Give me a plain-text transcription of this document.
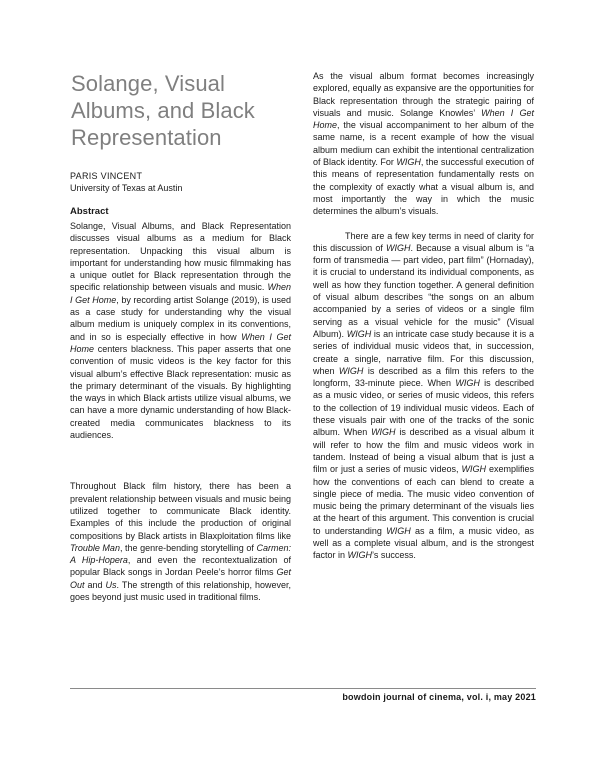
Solange, Visual
Albums, and Black
Representation

PARIS VINCENT

University of Texas at Austin

Abstract

Solange, Visual Albums, and Black Representation discusses visual albums as a medium for Black representation. Unpacking this visual album is important for understanding how music filmmaking has a unique outlet for Black representation through the specific relationship between visuals and music. When I Get Home, by recording artist Solange (2019), is used as a case study for understanding why the visual album medium is uniquely complex in its conventions, and in so is especially effective in how When I Get Home centers blackness. This paper asserts that one convention of music videos is the key factor for this visual album’s effective Black representation: music as the primary determinant of the visuals. By highlighting the ways in which Black artists utilize visual albums, we can have a more dynamic understanding of how Black-created media communicates blackness to its audiences.

Throughout Black film history, there has been a prevalent relationship between visuals and music being utilized together to communicate Black identity. Examples of this include the production of original compositions by Black artists in Blaxploitation films like Trouble Man, the genre-bending storytelling of Carmen: A Hip-Hopera, and even the recontextualization of popular Black songs in Jordan Peele’s horror films Get Out and Us. The strength of this relationship, however, goes beyond just music used in traditional films.

As the visual album format becomes increasingly explored, equally as expansive are the opportunities for Black representation through the strategic pairing of visuals and music. Solange Knowles’ When I Get Home, the visual accompaniment to her album of the same name, is a recent example of how the visual album medium can exhibit the intentional centralization of Black identity. For WIGH, the successful execution of this means of representation fundamentally rests on the complexity of exactly what a visual album is, and most importantly the way in which the music determines the album’s visuals.

There are a few key terms in need of clarity for this discussion of WIGH. Because a visual album is “a form of transmedia — part video, part film” (Hornaday), it is crucial to understand its individual components, as well as how they function together. A general definition of visual album describes “the songs on an album accompanied by a series of videos or a single film serving as a visual vehicle for the music” (Visual Album). WIGH is an intricate case study because it is a series of individual music videos that, in succession, create a single, narrative film. For this discussion, when WIGH is described as a film this refers to the longform, 33-minute piece. When WIGH is described as a music video, or series of music videos, this refers to the collection of 19 individual music videos. Each of these visuals pair with one of the tracks of the sonic album. When WIGH is described as a visual album it will refer to how the film and music videos work in tandem. Instead of being a visual album that is just a film or just a series of music videos, WIGH exemplifies how the conventions of each can blend to create a single piece of media. The music video convention of music being the primary determinant of the visuals lies at the heart of this argument. This convention is crucial to understanding WIGH as a film, a music video, as well as a complete visual album, and is the strongest factor in WIGH’s success.

bowdoin journal of cinema, vol. i, may 2021
